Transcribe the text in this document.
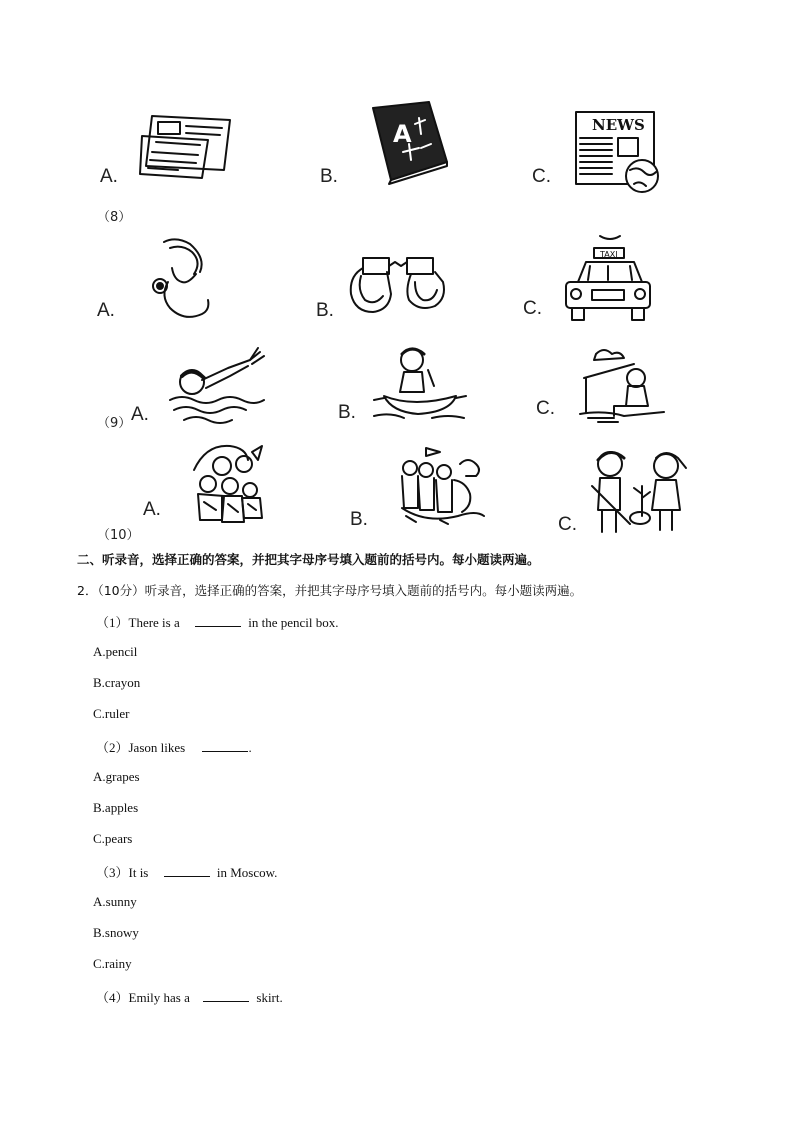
A.	B.
A
C.
NEWS
（8）
A.	B.	C.
TAXI
（9） A.	B.	C.
（10）
A.	B.	C.
二、听录音，选择正确的答案，并把其字母序号填入题前的括号内。每小题读两遍。
2．（10分）听录音，选择正确的答案，并把其字母序号填入题前的括号内。每小题读两遍。
（1）There is a	in the pencil box.
A.pencil
B.crayon
C.ruler
（2）Jason likes	.
A.grapes
B.apples
C.pears
（3）It is	in Moscow.
A.sunny
B.snowy
C.rainy
（4）Emily has a	skirt.
